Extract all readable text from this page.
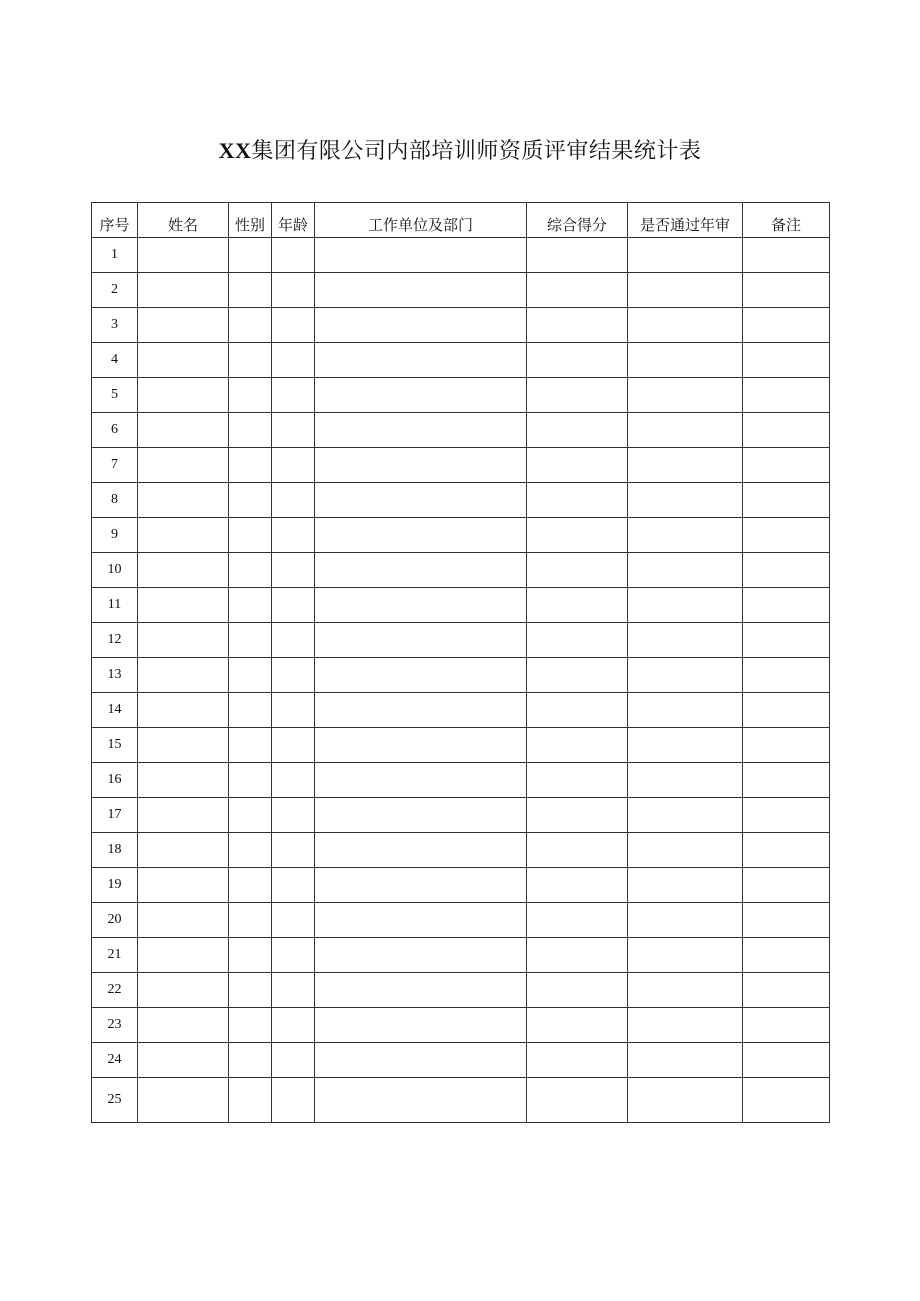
XX集团有限公司内部培训师资质评审结果统计表
序号	姓名	性别	年龄	工作单位及部门	综合得分	是否通过年审	备注
1							
2							
3							
4							
5							
6							
7							
8							
9							
10							
11							
12							
13							
14							
15							
16							
17							
18							
19							
20							
21							
22							
23							
24							
25							
